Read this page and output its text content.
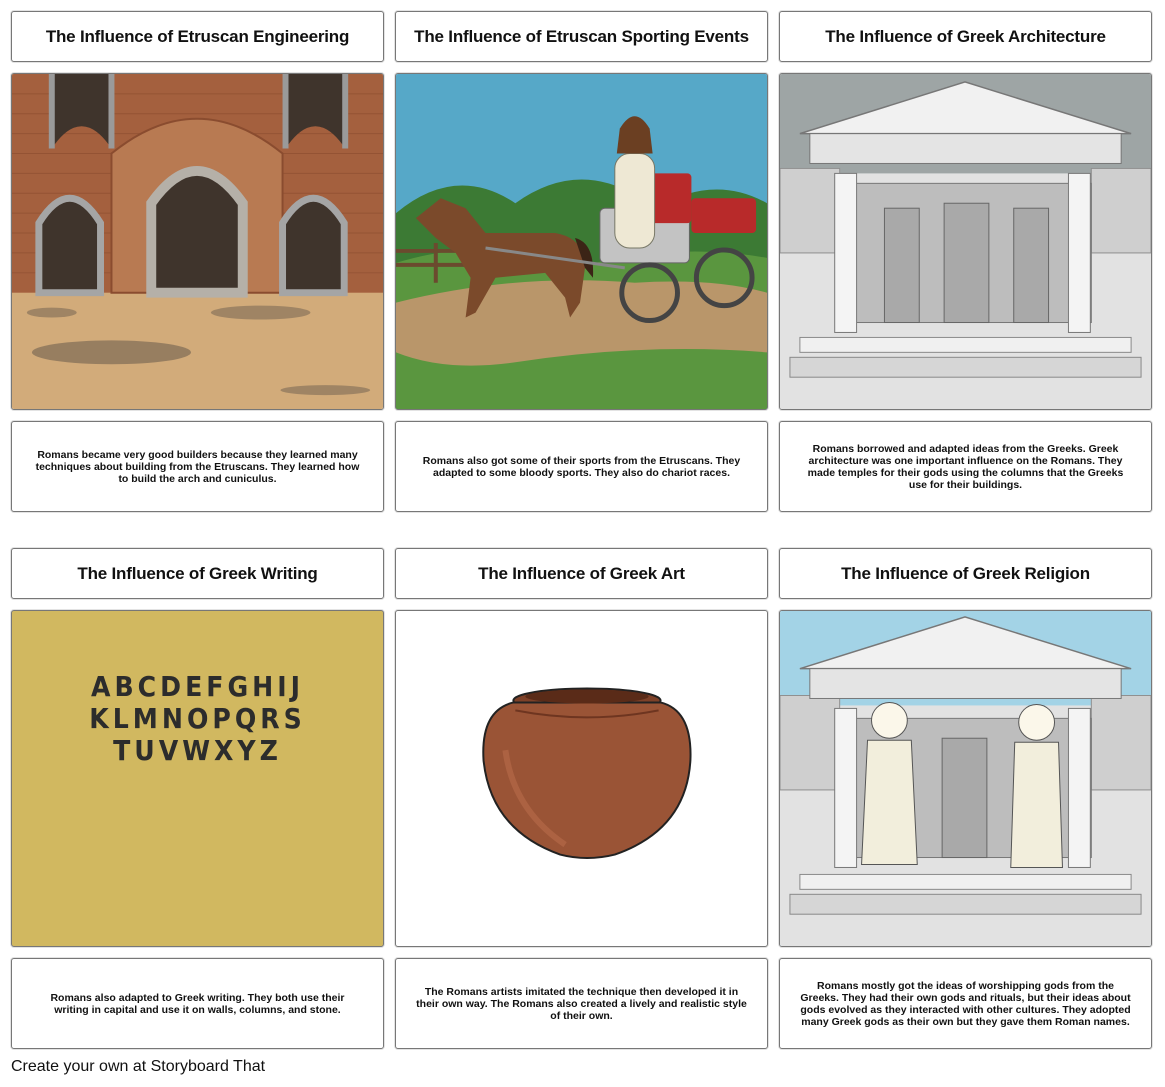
The Influence of Etruscan Engineering	The Influence of Etruscan Sporting Events	The Influence of Greek Architecture
Romans became very good builders because they learned many techniques about building from the Etruscans. They learned how to build the arch and cuniculus.
Romans also got some of their sports from the Etruscans. They adapted to some bloody sports. They also do chariot races.
Romans borrowed and adapted ideas from the Greeks. Greek architecture was one important influence on the Romans. They made temples for their gods using the columns that the Greeks use for their buildings.
The Influence of Greek Writing	The Influence of Greek Art	The Influence of Greek Religion
ABCDEFGHIJ
KLMNOPQRS
TUVWXYZ
Romans also adapted to Greek writing. They both use their writing in capital and use it on walls, columns, and stone.
The Romans artists imitated the technique then developed it in their own way. The Romans also created a lively and realistic style of their own.
Romans mostly got the ideas of worshipping gods from the Greeks. They had their own gods and rituals, but their ideas about gods evolved as they interacted with other cultures. They adopted many Greek gods as their own but they gave them Roman names.
Create your own at Storyboard That
